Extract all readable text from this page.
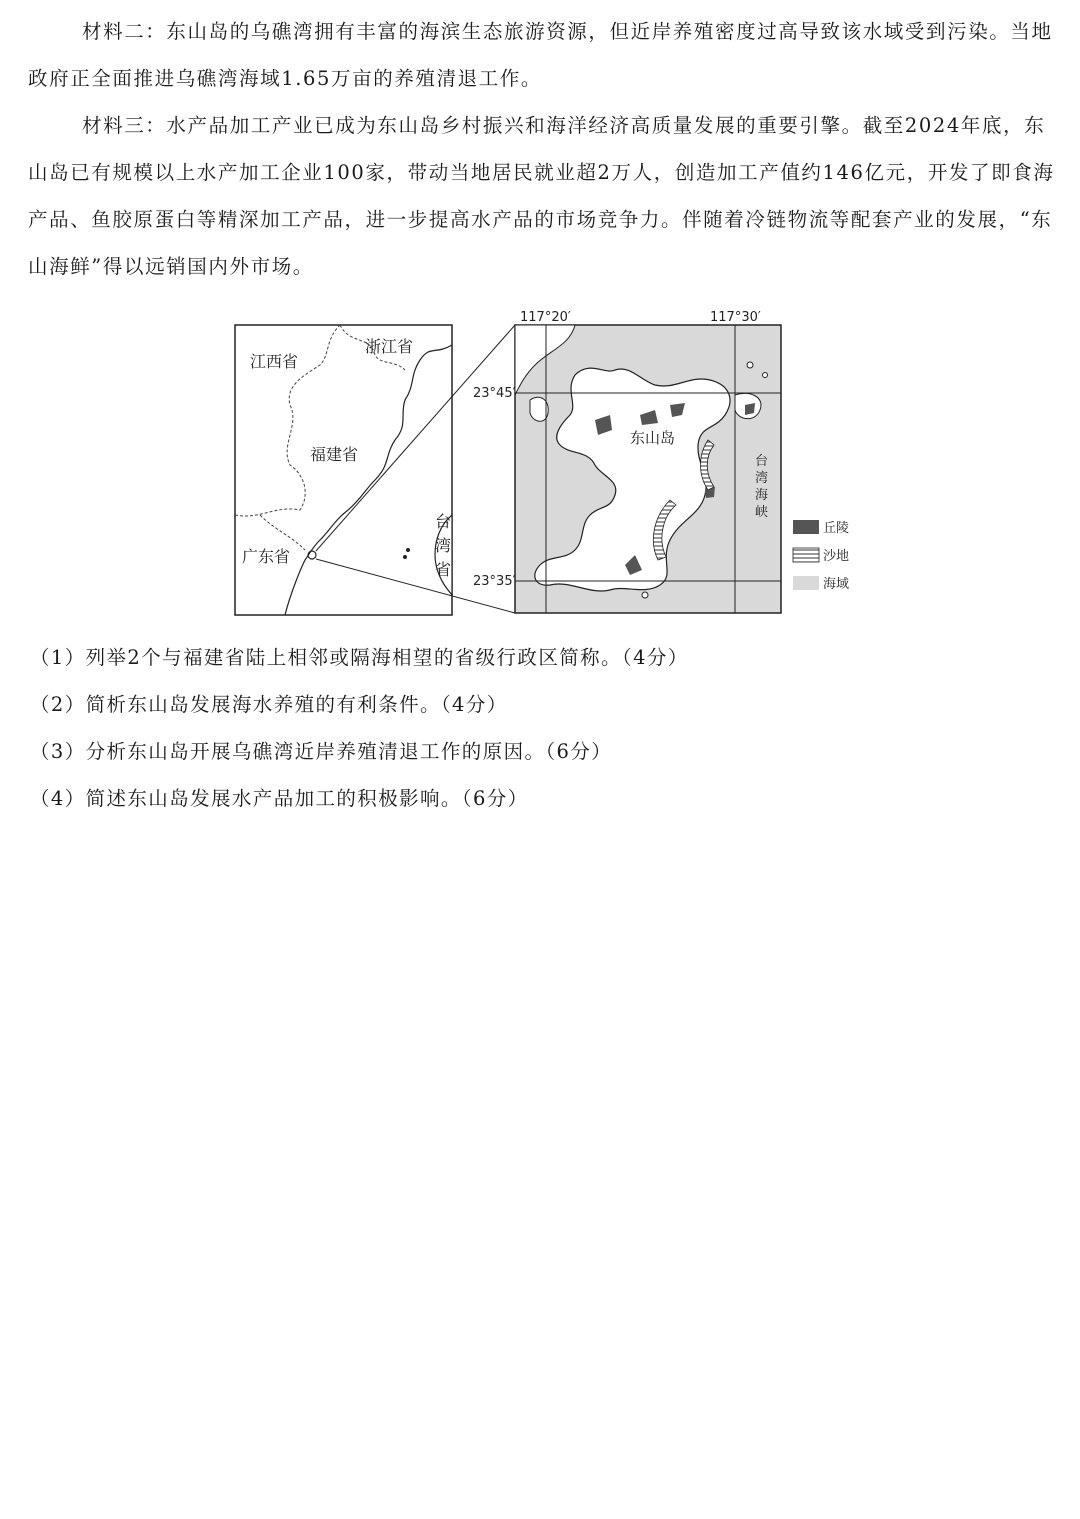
材料二：东山岛的乌礁湾拥有丰富的海滨生态旅游资源，但近岸养殖密度过高导致该水域受到污染。当地政府正全面推进乌礁湾海域1.65万亩的养殖清退工作。

材料三：水产品加工产业已成为东山岛乡村振兴和海洋经济高质量发展的重要引擎。截至2024年底，东山岛已有规模以上水产加工企业100家，带动当地居民就业超2万人，创造加工产值约146亿元，开发了即食海产品、鱼胶原蛋白等精深加工产品，进一步提高水产品的市场竞争力。伴随着冷链物流等配套产业的发展，“东山海鲜”得以远销国内外市场。

江西省
浙江省
福建省
广东省
台
湾
省
东山岛
台
湾
海
峡
117°20′	117°30′
23°45′
23°35′
丘陵
沙地
海域

（1）列举2个与福建省陆上相邻或隔海相望的省级行政区简称。（4分）

（2）简析东山岛发展海水养殖的有利条件。（4分）

（3）分析东山岛开展乌礁湾近岸养殖清退工作的原因。（6分）

（4）简述东山岛发展水产品加工的积极影响。（6分）
